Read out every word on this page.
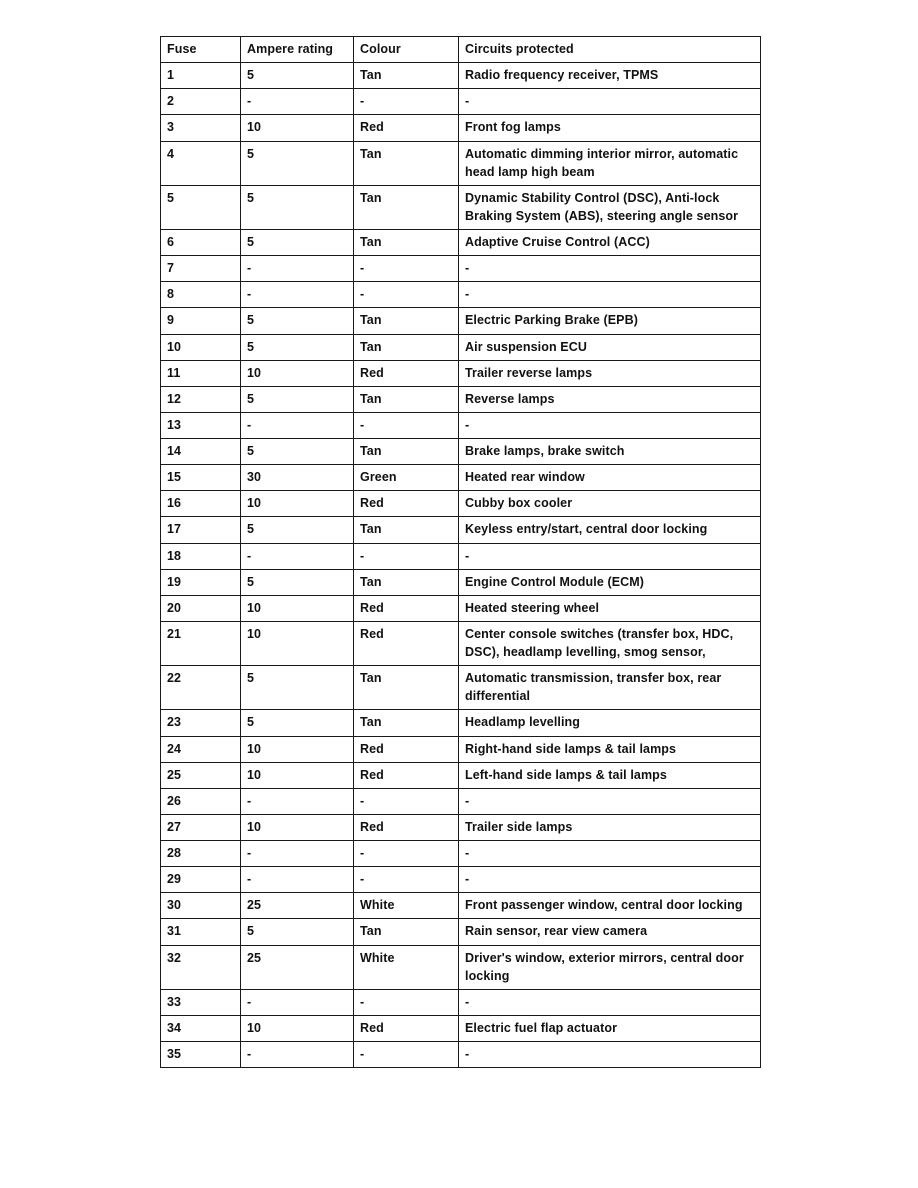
Fuse	Ampere rating	Colour	Circuits protected
1	5	Tan	Radio frequency receiver, TPMS
2	-	-	-
3	10	Red	Front fog lamps
4	5	Tan	Automatic dimming interior mirror, automatic head lamp high beam
5	5	Tan	Dynamic Stability Control (DSC), Anti-lock Braking System (ABS), steering angle sensor
6	5	Tan	Adaptive Cruise Control (ACC)
7	-	-	-
8	-	-	-
9	5	Tan	Electric Parking Brake (EPB)
10	5	Tan	Air suspension ECU
11	10	Red	Trailer reverse lamps
12	5	Tan	Reverse lamps
13	-	-	-
14	5	Tan	Brake lamps, brake switch
15	30	Green	Heated rear window
16	10	Red	Cubby box cooler
17	5	Tan	Keyless entry/start, central door locking
18	-	-	-
19	5	Tan	Engine Control Module (ECM)
20	10	Red	Heated steering wheel
21	10	Red	Center console switches (transfer box, HDC, DSC), headlamp levelling, smog sensor,
22	5	Tan	Automatic transmission, transfer box, rear differential
23	5	Tan	Headlamp levelling
24	10	Red	Right-hand side lamps & tail lamps
25	10	Red	Left-hand side lamps & tail lamps
26	-	-	-
27	10	Red	Trailer side lamps
28	-	-	-
29	-	-	-
30	25	White	Front passenger window, central door locking
31	5	Tan	Rain sensor, rear view camera
32	25	White	Driver's window, exterior mirrors, central door locking
33	-	-	-
34	10	Red	Electric fuel flap actuator
35	-	-	-
